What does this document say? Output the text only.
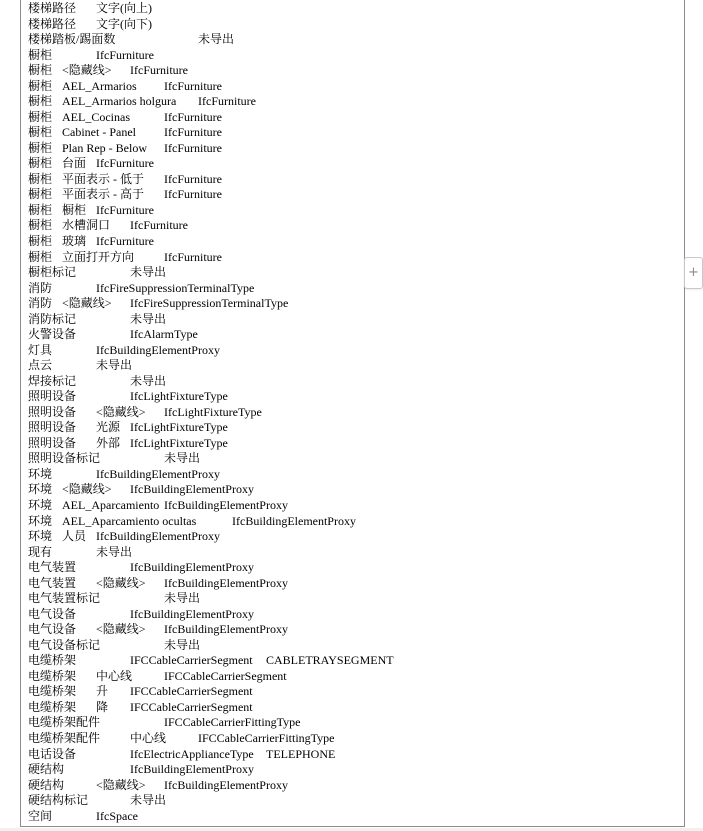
楼梯路径 文字(向上)
楼梯路径 文字(向下)
楼梯踏板/踢面数	未导出
橱柜	IfcFurniture
橱柜 <隐藏线> IfcFurniture
橱柜 AEL_Armarios IfcFurniture
橱柜 AEL_Armarios holgura IfcFurniture
橱柜 AEL_Cocinas	IfcFurniture
橱柜 Cabinet - Panel IfcFurniture
橱柜 Plan Rep - Below IfcFurniture
橱柜 台面 IfcFurniture
橱柜 平面表示 - 低于 IfcFurniture
橱柜 平面表示 - 高于 IfcFurniture
橱柜 橱柜 IfcFurniture
橱柜 水槽洞口 IfcFurniture
橱柜 玻璃 IfcFurniture
橱柜 立面打开方向 IfcFurniture
橱柜标记	未导出
消防	IfcFireSuppressionTerminalType
消防 <隐藏线> IfcFireSuppressionTerminalType
消防标记	未导出
火警设备	IfcAlarmType
灯具	IfcBuildingElementProxy
点云	未导出
焊接标记	未导出
照明设备	IfcLightFixtureType
照明设备 <隐藏线> IfcLightFixtureType
照明设备 光源 IfcLightFixtureType
照明设备 外部 IfcLightFixtureType
照明设备标记	未导出
环境	IfcBuildingElementProxy
环境 <隐藏线> IfcBuildingElementProxy
环境 AEL_Aparcamiento IfcBuildingElementProxy
环境 AEL_Aparcamiento ocultas	IfcBuildingElementProxy
环境 人员 IfcBuildingElementProxy
现有	未导出
电气装置	IfcBuildingElementProxy
电气装置 <隐藏线> IfcBuildingElementProxy
电气装置标记	未导出
电气设备	IfcBuildingElementProxy
电气设备 <隐藏线> IfcBuildingElementProxy
电气设备标记	未导出
电缆桥架	IFCCableCarrierSegment CABLETRAYSEGMENT
电缆桥架 中心线	IFCCableCarrierSegment
电缆桥架 升 IFCCableCarrierSegment
电缆桥架 降 IFCCableCarrierSegment
电缆桥架配件	IFCCableCarrierFittingType
电缆桥架配件 中心线	IFCCableCarrierFittingType
电话设备	IfcElectricApplianceType TELEPHONE
硬结构	IfcBuildingElementProxy
硬结构	<隐藏线> IfcBuildingElementProxy
硬结构标记	未导出
空间	IfcSpace
+
